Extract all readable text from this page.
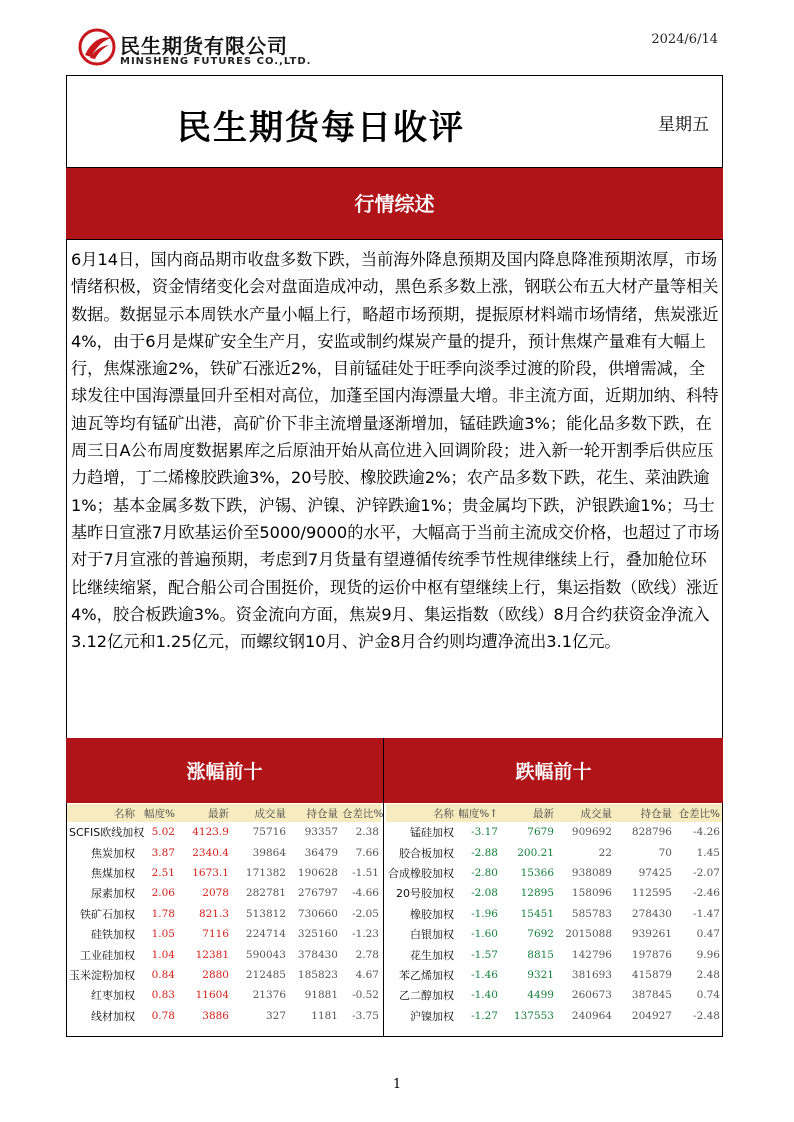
民生期货有限公司
MINSHENG FUTURES CO.,LTD.
2024/6/14
民生期货每日收评	星期五
行情综述
6月14日，国内商品期市收盘多数下跌，当前海外降息预期及国内降息降准预期浓厚，市场情绪积极，资金情绪变化会对盘面造成冲动，黑色系多数上涨，钢联公布五大材产量等相关数据。数据显示本周铁水产量小幅上行，略超市场预期，提振原材料端市场情绪，焦炭涨近4%，由于6月是煤矿安全生产月，安监或制约煤炭产量的提升，预计焦煤产量难有大幅上行，焦煤涨逾2%，铁矿石涨近2%，目前锰硅处于旺季向淡季过渡的阶段，供增需减，全球发往中国海漂量回升至相对高位，加蓬至国内海漂量大增。非主流方面，近期加纳、科特迪瓦等均有锰矿出港，高矿价下非主流增量逐渐增加，锰硅跌逾3%；能化品多数下跌，在周三日A公布周度数据累库之后原油开始从高位进入回调阶段；进入新一轮开割季后供应压力趋增，丁二烯橡胶跌逾3%，20号胶、橡胶跌逾2%；农产品多数下跌，花生、菜油跌逾1%；基本金属多数下跌，沪锡、沪镍、沪锌跌逾1%；贵金属均下跌，沪银跌逾1%；马士基昨日宣涨7月欧基运价至5000/9000的水平，大幅高于当前主流成交价格，也超过了市场对于7月宣涨的普遍预期，考虑到7月货量有望遵循传统季节性规律继续上行，叠加舱位环比继续缩紧，配合船公司合围挺价，现货的运价中枢有望继续上行，集运指数（欧线）涨近4%，胶合板跌逾3%。资金流向方面，焦炭9月、集运指数（欧线）8月合约获资金净流入3.12亿元和1.25亿元，而螺纹钢10月、沪金8月合约则均遭净流出3.1亿元。
涨幅前十	跌幅前十
名称	幅度%	最新	成交量	持仓量	仓差比%
SCFIS欧线加权	5.02	4123.9	75716	93357	2.38
焦炭加权	3.87	2340.4	39864	36479	7.66
焦煤加权	2.51	1673.1	171382	190628	-1.51
尿素加权	2.06	2078	282781	276797	-4.66
铁矿石加权	1.78	821.3	513812	730660	-2.05
硅铁加权	1.05	7116	224714	325160	-1.23
工业硅加权	1.04	12381	590043	378430	2.78
玉米淀粉加权	0.84	2880	212485	185823	4.67
红枣加权	0.83	11604	21376	91881	-0.52
线材加权	0.78	3886	327	1181	-3.75
名称	幅度%↑	最新	成交量	持仓量	仓差比%
锰硅加权	-3.17	7679	909692	828796	-4.26
胶合板加权	-2.88	200.21	22	70	1.45
合成橡胶加权	-2.80	15366	938089	97425	-2.07
20号胶加权	-2.08	12895	158096	112595	-2.46
橡胶加权	-1.96	15451	585783	278430	-1.47
白银加权	-1.60	7692	2015088	939261	0.47
花生加权	-1.57	8815	142796	197876	9.96
苯乙烯加权	-1.46	9321	381693	415879	2.48
乙二醇加权	-1.40	4499	260673	387845	0.74
沪镍加权	-1.27	137553	240964	204927	-2.48
1
